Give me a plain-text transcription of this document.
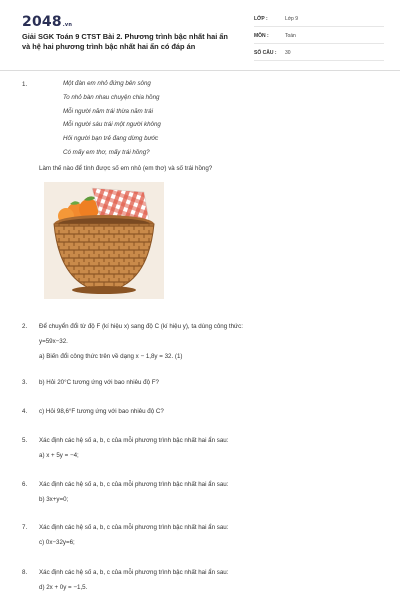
2048.vn
Giải SGK Toán 9 CTST Bài 2. Phương trình bậc nhất hai ẩn và hệ hai phương trình bậc nhất hai ẩn có đáp án
LỚP :	Lớp 9
MÔN :	Toán
SỐ CÂU : 30
1.	Một đàn em nhỏ đứng bên sông
To nhỏ bàn nhau chuyện chia hồng
Mỗi người năm trái thừa năm trái
Mỗi người sáu trái một người không
Hỏi người bạn trẻ đang dừng bước
Có mấy em thơ, mấy trái hồng?
Làm thế nào để tính được số em nhỏ (em thơ) và số trái hồng?
2. Để chuyển đổi từ độ F (kí hiệu x) sang độ C (kí hiệu y), ta dùng công thức:
y=59x−32.
a) Biến đổi công thức trên về dạng x − 1,8y = 32. (1)
3. b) Hỏi 20°C tương ứng với bao nhiêu độ F?
4. c) Hỏi 98,6°F tương ứng với bao nhiêu độ C?
5. Xác định các hệ số a, b, c của mỗi phương trình bậc nhất hai ẩn sau:
a) x + 5y = −4;
6. Xác định các hệ số a, b, c của mỗi phương trình bậc nhất hai ẩn sau:
b) 3x+y=0;
7. Xác định các hệ số a, b, c của mỗi phương trình bậc nhất hai ẩn sau:
c) 0x−32y=6;
8. Xác định các hệ số a, b, c của mỗi phương trình bậc nhất hai ẩn sau:
d) 2x + 0y = −1,5.
